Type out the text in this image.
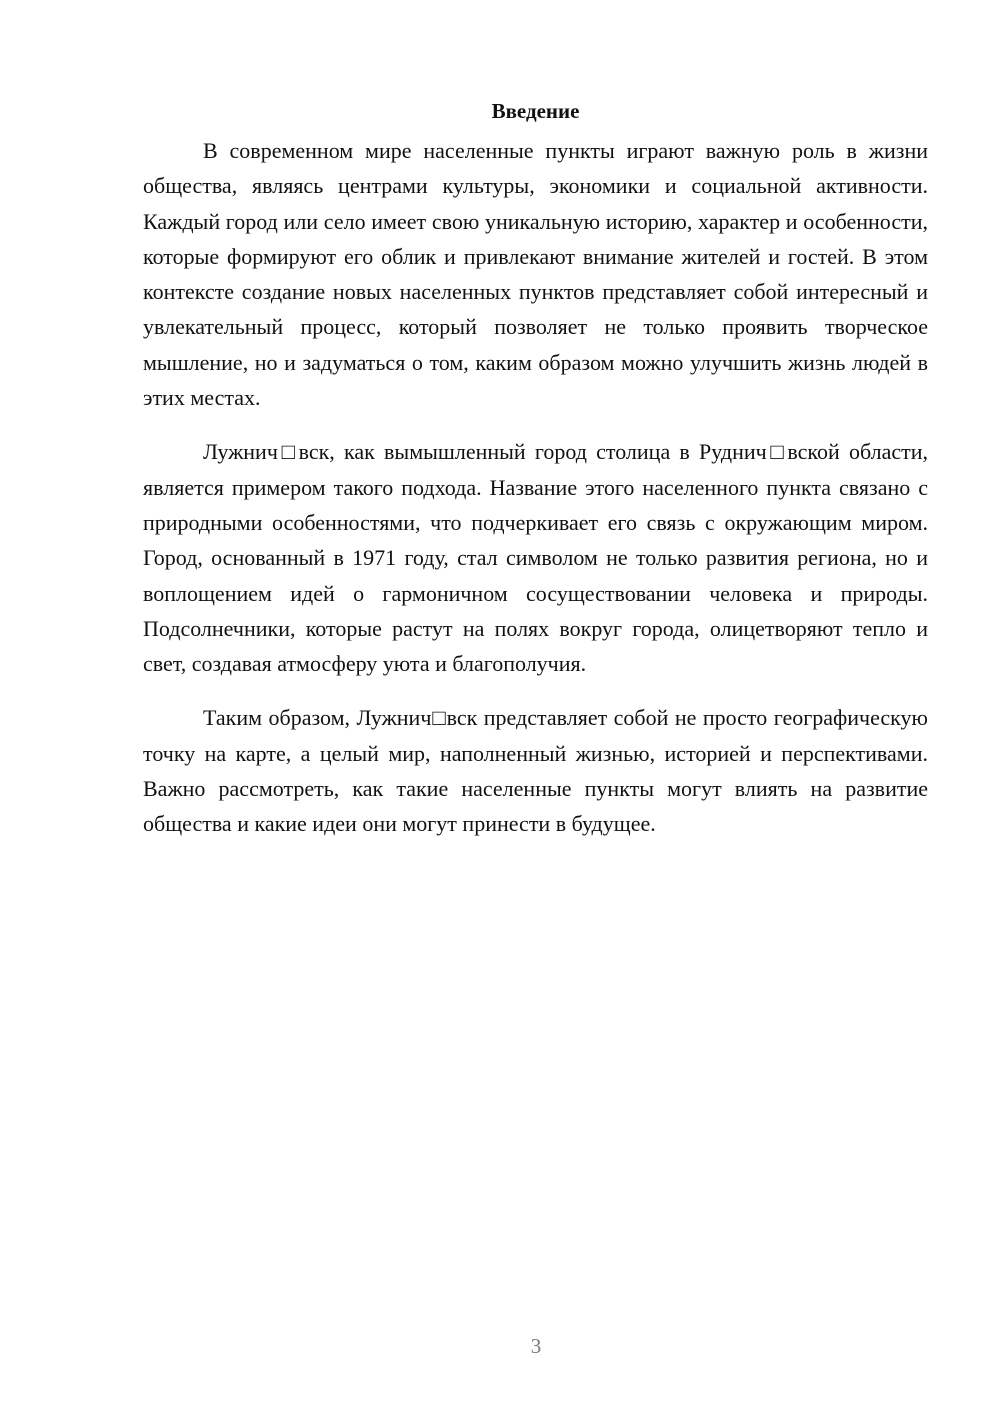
Введение

В современном мире населенные пункты играют важную роль в жизни общества, являясь центрами культуры, экономики и социальной активности. Каждый город или село имеет свою уникальную историю, характер и особенности, которые формируют его облик и привлекают внимание жителей и гостей. В этом контексте создание новых населенных пунктов представляет собой интересный и увлекательный процесс, который позволяет не только проявить творческое мышление, но и задуматься о том, каким образом можно улучшить жизнь людей в этих местах.

Лужнич□вск, как вымышленный город столица в Руднич□вской области, является примером такого подхода. Название этого населенного пункта связано с природными особенностями, что подчеркивает его связь с окружающим миром. Город, основанный в 1971 году, стал символом не только развития региона, но и воплощением идей о гармоничном сосуществовании человека и природы. Подсолнечники, которые растут на полях вокруг города, олицетворяют тепло и свет, создавая атмосферу уюта и благополучия.

Таким образом, Лужнич□вск представляет собой не просто географическую точку на карте, а целый мир, наполненный жизнью, историей и перспективами. Важно рассмотреть, как такие населенные пункты могут влиять на развитие общества и какие идеи они могут принести в будущее.

3
